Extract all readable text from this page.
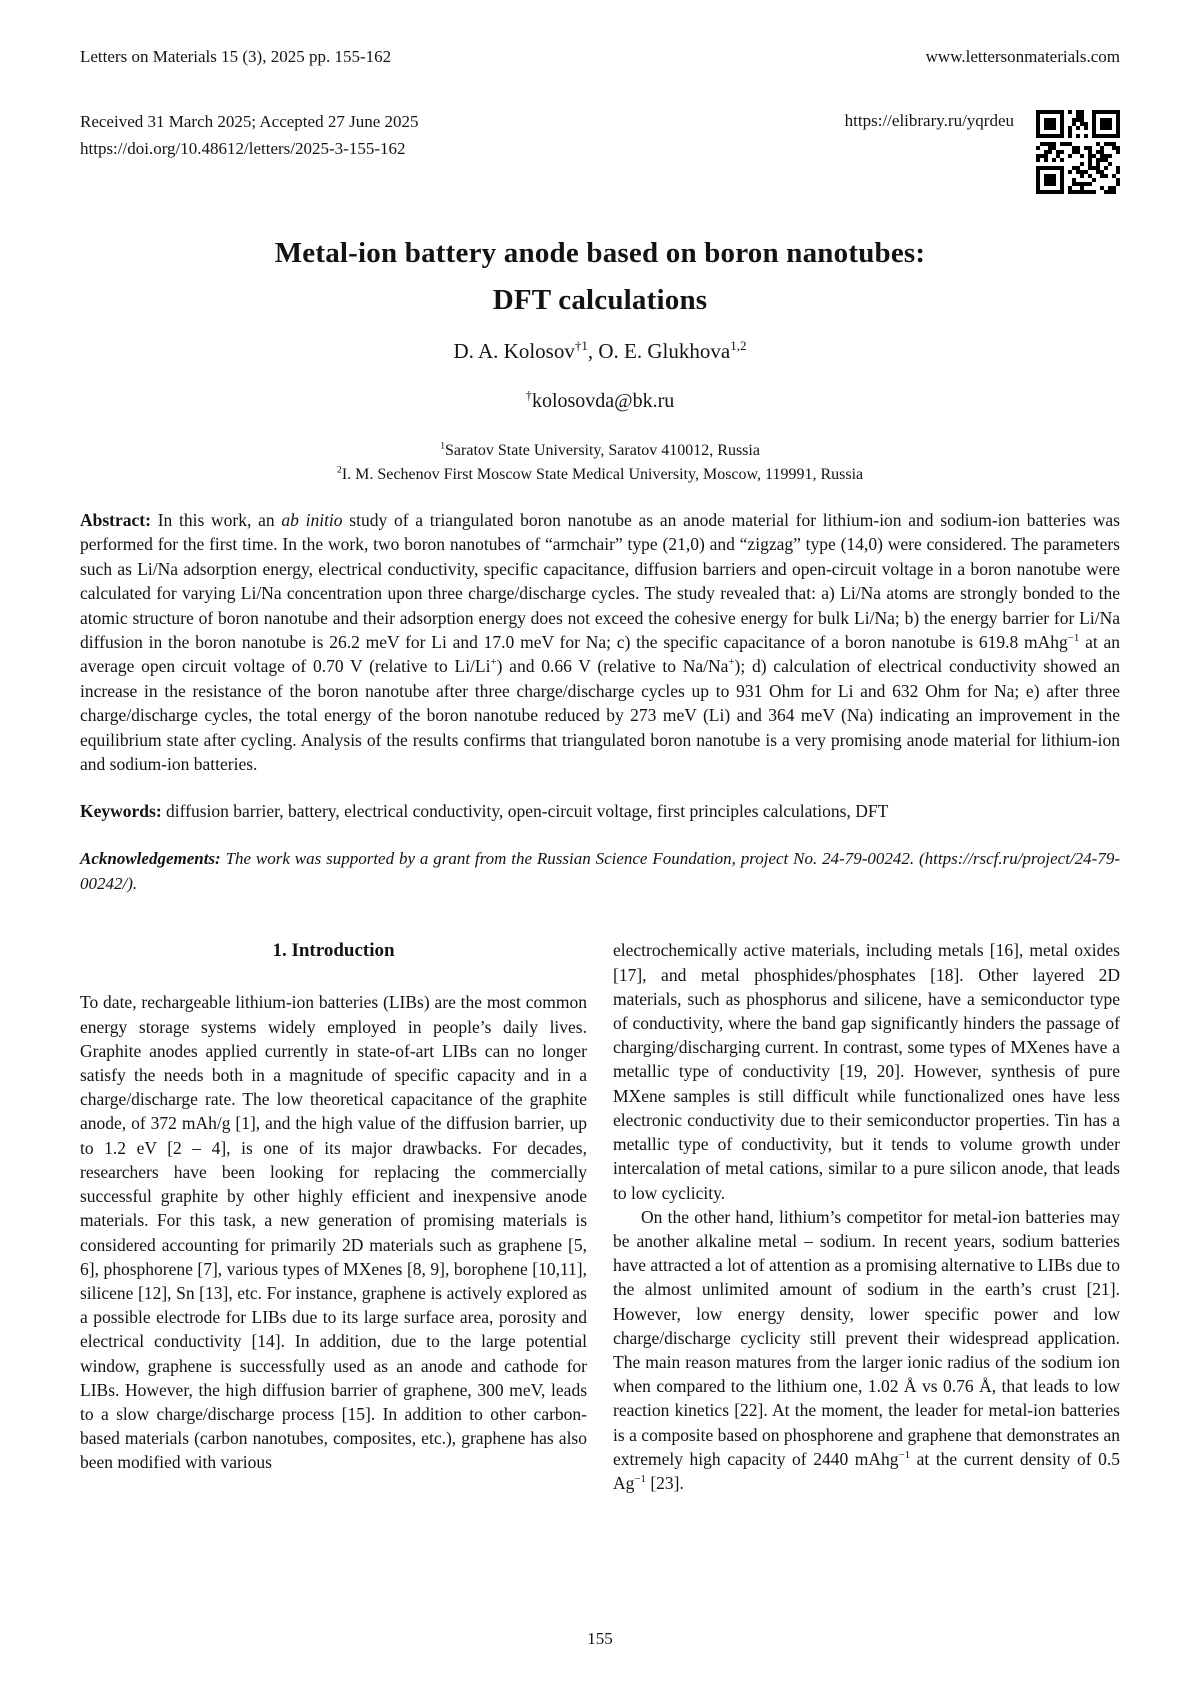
Letters on Materials 15 (3), 2025 pp. 155-162	www.lettersonmaterials.com
Received 31 March 2025; Accepted 27 June 2025
https://doi.org/10.48612/letters/2025-3-155-162
https://elibrary.ru/yqrdeu
Metal-ion battery anode based on boron nanotubes:
DFT calculations
D. A. Kolosov$^{\dagger 1}$, O. E. Glukhova$^{1,2}$
†kolosovda@bk.ru
$^1$Saratov State University, Saratov 410012, Russia
$^2$I. M. Sechenov First Moscow State Medical University, Moscow, 119991, Russia
Abstract: In this work, an ab initio study of a triangulated boron nanotube as an anode material for lithium-ion and sodium-ion batteries was performed for the first time. In the work, two boron nanotubes of “armchair” type (21,0) and “zigzag” type (14,0) were considered. The parameters such as Li/Na adsorption energy, electrical conductivity, specific capacitance, diffusion barriers and open-circuit voltage in a boron nanotube were calculated for varying Li/Na concentration upon three charge/discharge cycles. The study revealed that: a) Li/Na atoms are strongly bonded to the atomic structure of boron nanotube and their adsorption energy does not exceed the cohesive energy for bulk Li/Na; b) the energy barrier for Li/Na diffusion in the boron nanotube is 26.2 meV for Li and 17.0 meV for Na; c) the specific capacitance of a boron nanotube is 619.8 mAhg$^{-1}$ at an average open circuit voltage of 0.70 V (relative to Li/Li+) and 0.66 V (relative to Na/Na+); d) calculation of electrical conductivity showed an increase in the resistance of the boron nanotube after three charge/discharge cycles up to 931 Ohm for Li and 632 Ohm for Na; e) after three charge/discharge cycles, the total energy of the boron nanotube reduced by 273 meV (Li) and 364 meV (Na) indicating an improvement in the equilibrium state after cycling. Analysis of the results confirms that triangulated boron nanotube is a very promising anode material for lithium-ion and sodium-ion batteries.
Keywords: diffusion barrier, battery, electrical conductivity, open-circuit voltage, first principles calculations, DFT
Acknowledgements: The work was supported by a grant from the Russian Science Foundation, project No. 24-79-00242. (https://rscf.ru/project/24-79-00242/).
1. Introduction
To date, rechargeable lithium-ion batteries (LIBs) are the most common energy storage systems widely employed in people’s daily lives. Graphite anodes applied currently in state-of-art LIBs can no longer satisfy the needs both in a magnitude of specific capacity and in a charge/discharge rate. The low theoretical capacitance of the graphite anode, of 372 mAh/g [1], and the high value of the diffusion barrier, up to 1.2 eV [2 – 4], is one of its major drawbacks. For decades, researchers have been looking for replacing the commercially successful graphite by other highly efficient and inexpensive anode materials. For this task, a new generation of promising materials is considered accounting for primarily 2D materials such as graphene [5, 6], phosphorene [7], various types of MXenes [8, 9], borophene [10,11], silicene [12], Sn [13], etc. For instance, graphene is actively explored as a possible electrode for LIBs due to its large surface area, porosity and electrical conductivity [14]. In addition, due to the large potential window, graphene is successfully used as an anode and cathode for LIBs. However, the high diffusion barrier of graphene, 300 meV, leads to a slow charge/discharge process [15]. In addition to other carbon-based materials (carbon nanotubes, composites, etc.), graphene has also been modified with various
electrochemically active materials, including metals [16], metal oxides [17], and metal phosphides/phosphates [18]. Other layered 2D materials, such as phosphorus and silicene, have a semiconductor type of conductivity, where the band gap significantly hinders the passage of charging/discharging current. In contrast, some types of MXenes have a metallic type of conductivity [19, 20]. However, synthesis of pure MXene samples is still difficult while functionalized ones have less electronic conductivity due to their semiconductor properties. Tin has a metallic type of conductivity, but it tends to volume growth under intercalation of metal cations, similar to a pure silicon anode, that leads to low cyclicity.
On the other hand, lithium’s competitor for metal-ion batteries may be another alkaline metal – sodium. In recent years, sodium batteries have attracted a lot of attention as a promising alternative to LIBs due to the almost unlimited amount of sodium in the earth’s crust [21]. However, low energy density, lower specific power and low charge/discharge cyclicity still prevent their widespread application. The main reason matures from the larger ionic radius of the sodium ion when compared to the lithium one, 1.02 Å vs 0.76 Å, that leads to low reaction kinetics [22]. At the moment, the leader for metal-ion batteries is a composite based on phosphorene and graphene that demonstrates an extremely high capacity of 2440 mAhg$^{-1}$ at the current density of 0.5 $Ag^{-1}$ [23].
155
